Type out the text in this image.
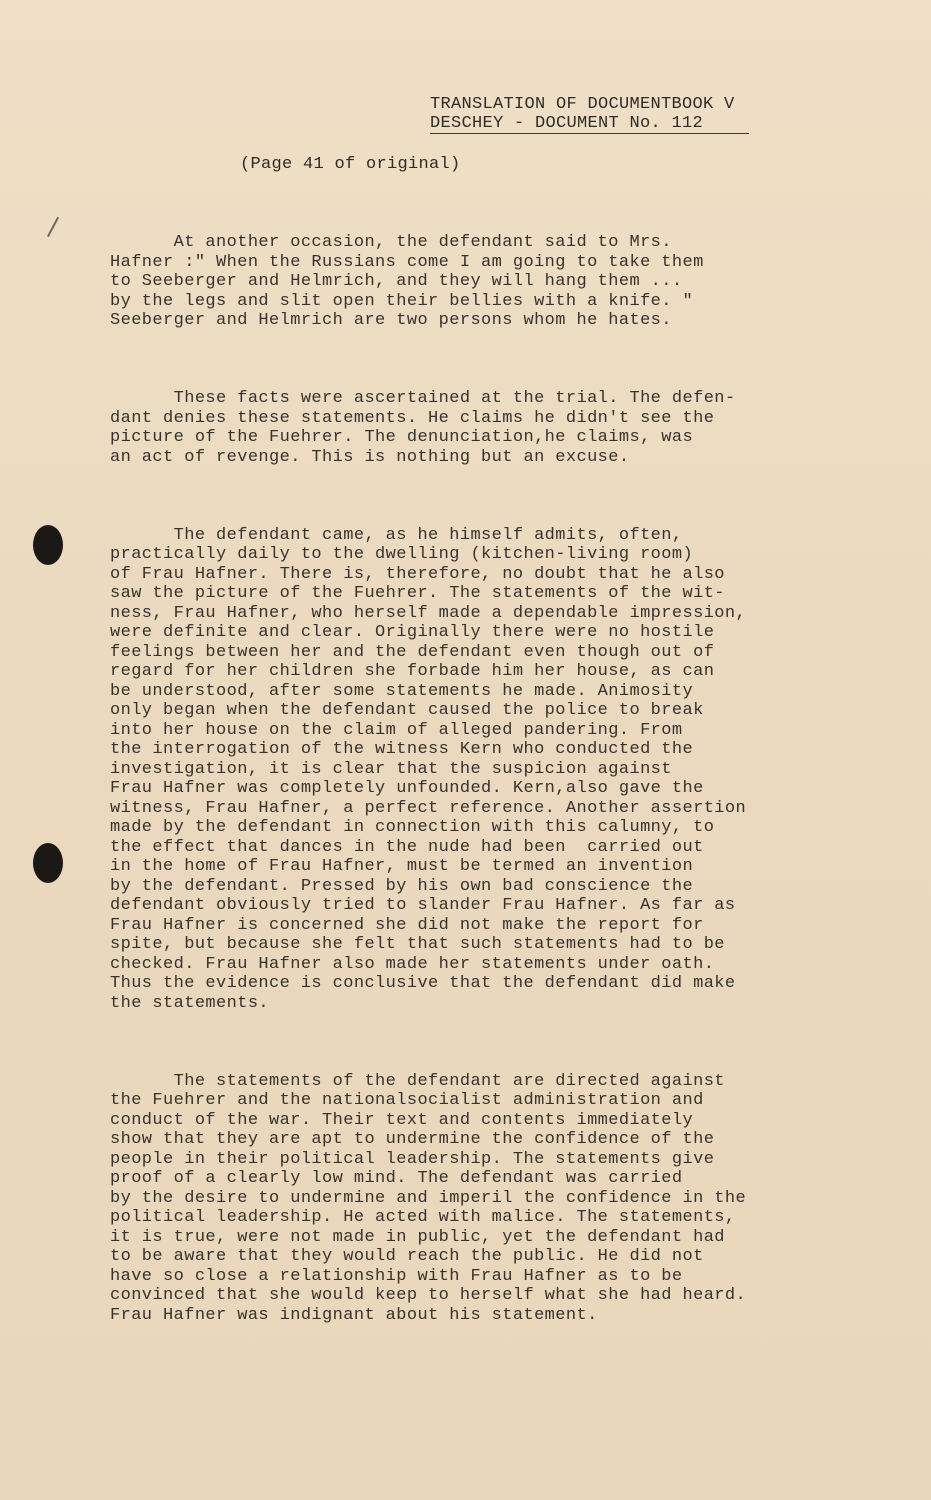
TRANSLATION OF DOCUMENTBOOK V
DESCHEY - DOCUMENT No. 112
(Page 41 of original)

At another occasion, the defendant said to Mrs.
Hafner :" When the Russians come I am going to take them
to Seeberger and Helmrich, and they will hang them ...
by the legs and slit open their bellies with a knife. "
Seeberger and Helmrich are two persons whom he hates.

These facts were ascertained at the trial. The defen-
dant denies these statements. He claims he didn't see the
picture of the Fuehrer. The denunciation,he claims, was
an act of revenge. This is nothing but an excuse.

The defendant came, as he himself admits, often,
practically daily to the dwelling (kitchen-living room)
of Frau Hafner. There is, therefore, no doubt that he also
saw the picture of the Fuehrer. The statements of the wit-
ness, Frau Hafner, who herself made a dependable impression,
were definite and clear. Originally there were no hostile
feelings between her and the defendant even though out of
regard for her children she forbade him her house, as can
be understood, after some statements he made. Animosity
only began when the defendant caused the police to break
into her house on the claim of alleged pandering. From
the interrogation of the witness Kern who conducted the
investigation, it is clear that the suspicion against
Frau Hafner was completely unfounded. Kern,also gave the
witness, Frau Hafner, a perfect reference. Another assertion
made by the defendant in connection with this calumny, to
the effect that dances in the nude had been  carried out
in the home of Frau Hafner, must be termed an invention
by the defendant. Pressed by his own bad conscience the
defendant obviously tried to slander Frau Hafner. As far as
Frau Hafner is concerned she did not make the report for
spite, but because she felt that such statements had to be
checked. Frau Hafner also made her statements under oath.
Thus the evidence is conclusive that the defendant did make
the statements.

The statements of the defendant are directed against
the Fuehrer and the nationalsocialist administration and
conduct of the war. Their text and contents immediately
show that they are apt to undermine the confidence of the
people in their political leadership. The statements give
proof of a clearly low mind. The defendant was carried
by the desire to undermine and imperil the confidence in the
political leadership. He acted with malice. The statements,
it is true, were not made in public, yet the defendant had
to be aware that they would reach the public. He did not
have so close a relationship with Frau Hafner as to be
convinced that she would keep to herself what she had heard.
Frau Hafner was indignant about his statement.
